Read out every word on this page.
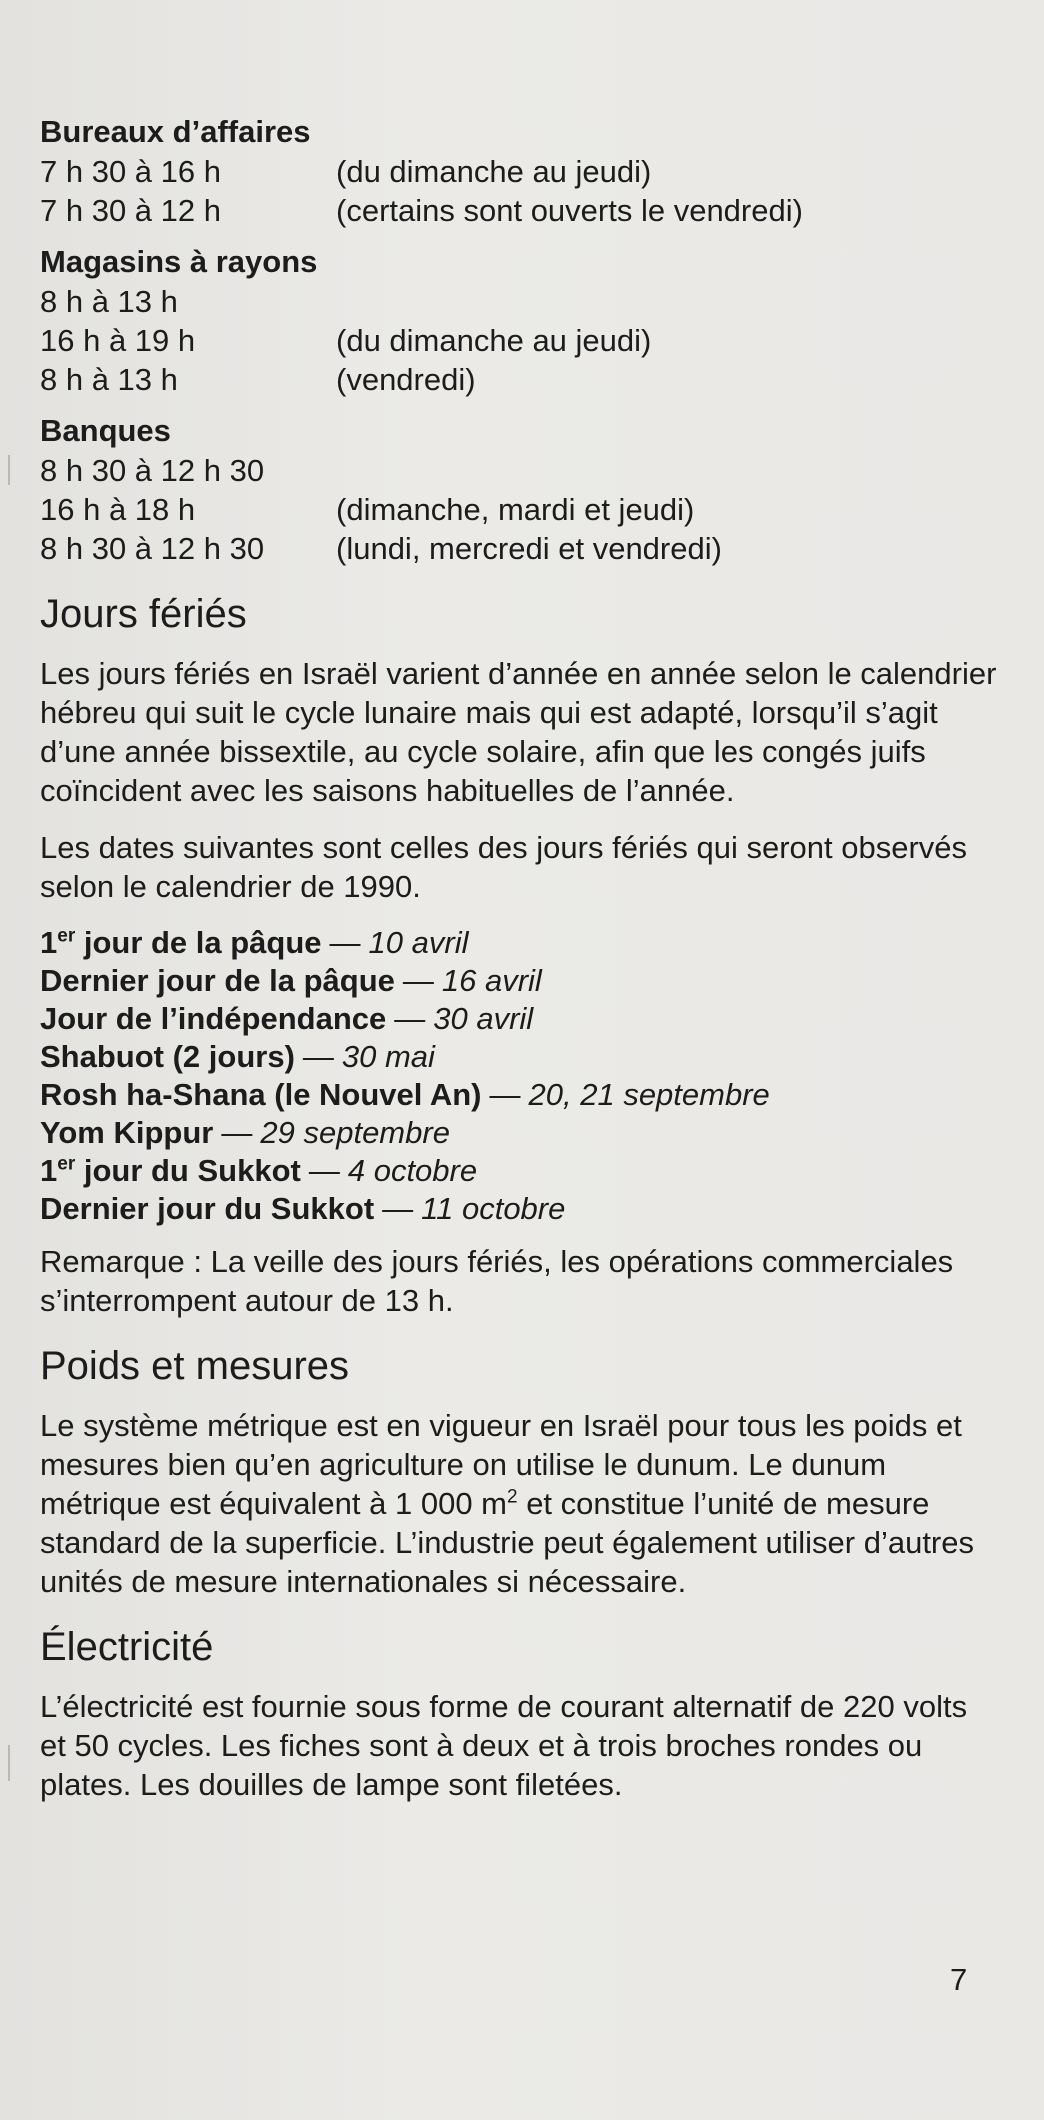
Bureaux d’affaires
7 h 30 à 16 h	(du dimanche au jeudi)
7 h 30 à 12 h	(certains sont ouverts le vendredi)
Magasins à rayons
8 h à 13 h
16 h à 19 h	(du dimanche au jeudi)
8 h à 13 h	(vendredi)
Banques
8 h 30 à 12 h 30
16 h à 18 h	(dimanche, mardi et jeudi)
8 h 30 à 12 h 30	(lundi, mercredi et vendredi)
Jours fériés

Les jours fériés en Israël varient d’année en année selon le calendrier hébreu qui suit le cycle lunaire mais qui est adapté, lorsqu’il s’agit d’une année bissextile, au cycle solaire, afin que les congés juifs coïncident avec les saisons habituelles de l’année.

Les dates suivantes sont celles des jours fériés qui seront observés selon le calendrier de 1990.

1er jour de la pâque — 10 avril
Dernier jour de la pâque — 16 avril
Jour de l’indépendance — 30 avril
Shabuot (2 jours) — 30 mai
Rosh ha-Shana (le Nouvel An) — 20, 21 septembre
Yom Kippur — 29 septembre
1er jour du Sukkot — 4 octobre
Dernier jour du Sukkot — 11 octobre

Remarque : La veille des jours fériés, les opérations commerciales s’interrompent autour de 13 h.

Poids et mesures

Le système métrique est en vigueur en Israël pour tous les poids et mesures bien qu’en agriculture on utilise le dunum. Le dunum métrique est équivalent à 1 000 $m^2$ et constitue l’unité de mesure standard de la superficie. L’industrie peut également utiliser d’autres unités de mesure internationales si nécessaire.

Électricité

L’électricité est fournie sous forme de courant alternatif de 220 volts et 50 cycles. Les fiches sont à deux et à trois broches rondes ou plates. Les douilles de lampe sont filetées.

7
